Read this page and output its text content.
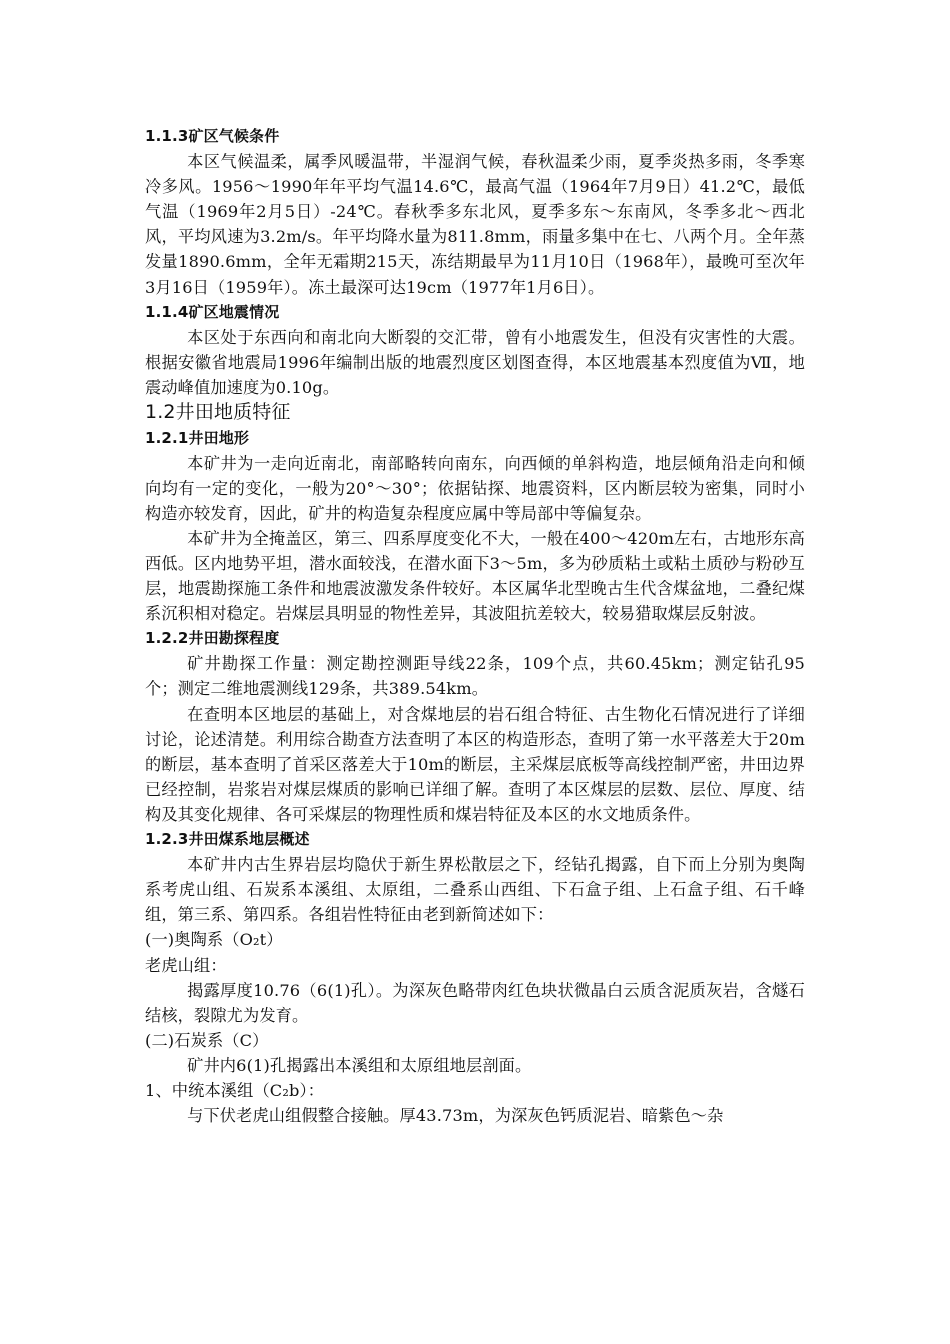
1.1.3矿区气候条件

本区气候温柔，属季风暖温带，半湿润气候，春秋温柔少雨，夏季炎热多雨，冬季寒冷多风。1956～1990年年平均气温14.6℃，最高气温（1964年7月9日）41.2℃，最低气温（1969年2月5日）-24℃。春秋季多东北风，夏季多东～东南风，冬季多北～西北风，平均风速为3.2m/s。年平均降水量为811.8mm，雨量多集中在七、八两个月。全年蒸发量1890.6mm，全年无霜期215天，冻结期最早为11月10日（1968年），最晚可至次年3月16日（1959年）。冻土最深可达19cm（1977年1月6日）。

1.1.4矿区地震情况

本区处于东西向和南北向大断裂的交汇带，曾有小地震发生，但没有灾害性的大震。根据安徽省地震局1996年编制出版的地震烈度区划图查得，本区地震基本烈度值为Ⅶ，地震动峰值加速度为0.10g。

1.2井田地质特征

1.2.1井田地形

本矿井为一走向近南北，南部略转向南东，向西倾的单斜构造，地层倾角沿走向和倾向均有一定的变化，一般为20°～30°；依据钻探、地震资料，区内断层较为密集，同时小构造亦较发育，因此，矿井的构造复杂程度应属中等局部中等偏复杂。

本矿井为全掩盖区，第三、四系厚度变化不大，一般在400～420m左右，古地形东高西低。区内地势平坦，潜水面较浅，在潜水面下3～5m，多为砂质粘土或粘土质砂与粉砂互层，地震勘探施工条件和地震波激发条件较好。本区属华北型晚古生代含煤盆地，二叠纪煤系沉积相对稳定。岩煤层具明显的物性差异，其波阻抗差较大，较易猎取煤层反射波。

1.2.2井田勘探程度

矿井勘探工作量：测定勘控测距导线22条，109个点，共60.45km；测定钻孔95个；测定二维地震测线129条，共389.54km。

在查明本区地层的基础上，对含煤地层的岩石组合特征、古生物化石情况进行了详细讨论，论述清楚。利用综合勘查方法查明了本区的构造形态，查明了第一水平落差大于20m的断层，基本查明了首采区落差大于10m的断层，主采煤层底板等高线控制严密，井田边界已经控制，岩浆岩对煤层煤质的影响已详细了解。查明了本区煤层的层数、层位、厚度、结构及其变化规律、各可采煤层的物理性质和煤岩特征及本区的水文地质条件。

1.2.3井田煤系地层概述

本矿井内古生界岩层均隐伏于新生界松散层之下，经钻孔揭露，自下而上分别为奥陶系考虎山组、石炭系本溪组、太原组，二叠系山西组、下石盒子组、上石盒子组、石千峰组，第三系、第四系。各组岩性特征由老到新简述如下：

(一)奥陶系（O₂t）

老虎山组：

揭露厚度10.76（6(1)孔）。为深灰色略带肉红色块状微晶白云质含泥质灰岩，含燧石结核，裂隙尤为发育。

(二)石炭系（C）

矿井内6(1)孔揭露出本溪组和太原组地层剖面。

1、中统本溪组（C₂b）：

与下伏老虎山组假整合接触。厚43.73m，为深灰色钙质泥岩、暗紫色～杂
